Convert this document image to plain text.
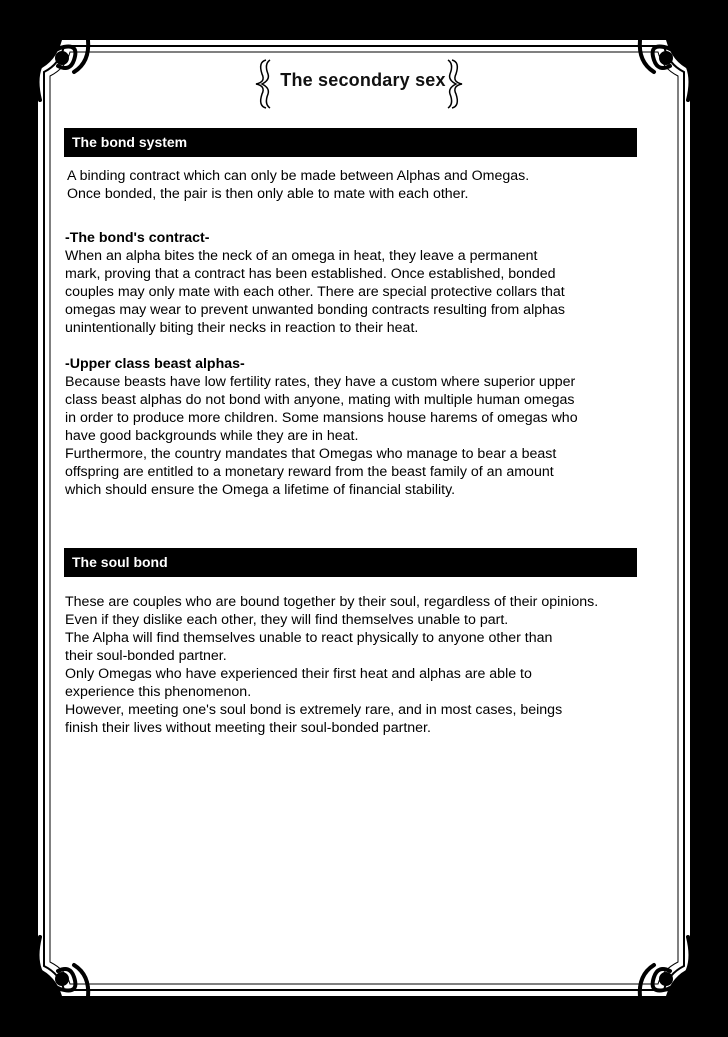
The secondary sex
The bond system
A binding contract which can only be made between Alphas and Omegas.
Once bonded, the pair is then only able to mate with each other.

-The bond's contract-
When an alpha bites the neck of an omega in heat, they leave a permanent
mark, proving that a contract has been established. Once established, bonded
couples may only mate with each other. There are special protective collars that
omegas may wear to prevent unwanted bonding contracts resulting from alphas
unintentionally biting their necks in reaction to their heat.

-Upper class beast alphas-
Because beasts have low fertility rates, they have a custom where superior upper
class beast alphas do not bond with anyone, mating with multiple human omegas
in order to produce more children. Some mansions house harems of omegas who
have good backgrounds while they are in heat.
Furthermore, the country mandates that Omegas who manage to bear a beast
offspring are entitled to a monetary reward from the beast family of an amount
which should ensure the Omega a lifetime of financial stability.

The soul bond
These are couples who are bound together by their soul, regardless of their opinions.
Even if they dislike each other, they will find themselves unable to part.
The Alpha will find themselves unable to react physically to anyone other than
their soul-bonded partner.
Only Omegas who have experienced their first heat and alphas are able to
experience this phenomenon.
However, meeting one's soul bond is extremely rare, and in most cases, beings
finish their lives without meeting their soul-bonded partner.
